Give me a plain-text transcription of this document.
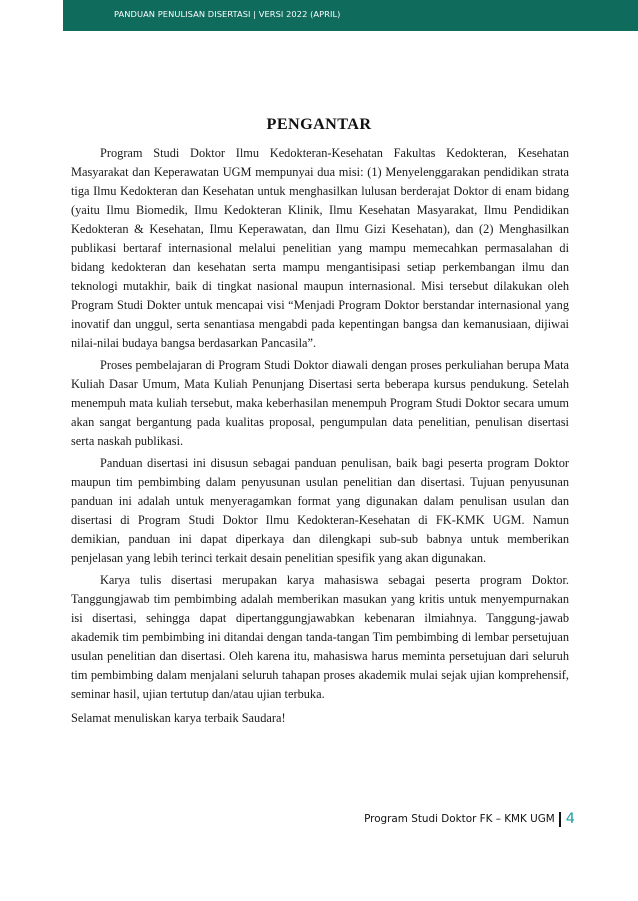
PANDUAN PENULISAN DISERTASI | VERSI 2022 (APRIL)
PENGANTAR

Program Studi Doktor Ilmu Kedokteran-Kesehatan Fakultas Kedokteran, Kesehatan Masyarakat dan Keperawatan UGM mempunyai dua misi: (1) Menyelenggarakan pendidikan strata tiga Ilmu Kedokteran dan Kesehatan untuk menghasilkan lulusan berderajat Doktor di enam bidang (yaitu Ilmu Biomedik, Ilmu Kedokteran Klinik, Ilmu Kesehatan Masyarakat, Ilmu Pendidikan Kedokteran & Kesehatan, Ilmu Keperawatan, dan Ilmu Gizi Kesehatan), dan (2) Menghasilkan publikasi bertaraf internasional melalui penelitian yang mampu memecahkan permasalahan di bidang kedokteran dan kesehatan serta mampu mengantisipasi setiap perkembangan ilmu dan teknologi mutakhir, baik di tingkat nasional maupun internasional. Misi tersebut dilakukan oleh Program Studi Dokter untuk mencapai visi “Menjadi Program Doktor berstandar internasional yang inovatif dan unggul, serta senantiasa mengabdi pada kepentingan bangsa dan kemanusiaan, dijiwai nilai-nilai budaya bangsa berdasarkan Pancasila”.

Proses pembelajaran di Program Studi Doktor diawali dengan proses perkuliahan berupa Mata Kuliah Dasar Umum, Mata Kuliah Penunjang Disertasi serta beberapa kursus pendukung. Setelah menempuh mata kuliah tersebut, maka keberhasilan menempuh Program Studi Doktor secara umum akan sangat bergantung pada kualitas proposal, pengumpulan data penelitian, penulisan disertasi serta naskah publikasi.

Panduan disertasi ini disusun sebagai panduan penulisan, baik bagi peserta program Doktor maupun tim pembimbing dalam penyusunan usulan penelitian dan disertasi. Tujuan penyusunan panduan ini adalah untuk menyeragamkan format yang digunakan dalam penulisan usulan dan disertasi di Program Studi Doktor Ilmu Kedokteran-Kesehatan di FK-KMK UGM. Namun demikian, panduan ini dapat diperkaya dan dilengkapi sub-sub babnya untuk memberikan penjelasan yang lebih terinci terkait desain penelitian spesifik yang akan digunakan.

Karya tulis disertasi merupakan karya mahasiswa sebagai peserta program Doktor. Tanggungjawab tim pembimbing adalah memberikan masukan yang kritis untuk menyempurnakan isi disertasi, sehingga dapat dipertanggungjawabkan kebenaran ilmiahnya. Tanggung-jawab akademik tim pembimbing ini ditandai dengan tanda-tangan Tim pembimbing di lembar persetujuan usulan penelitian dan disertasi. Oleh karena itu, mahasiswa harus meminta persetujuan dari seluruh tim pembimbing dalam menjalani seluruh tahapan proses akademik mulai sejak ujian komprehensif, seminar hasil, ujian tertutup dan/atau ujian terbuka.

Selamat menuliskan karya terbaik Saudara!
Program Studi Doktor FK – KMK UGM 4
